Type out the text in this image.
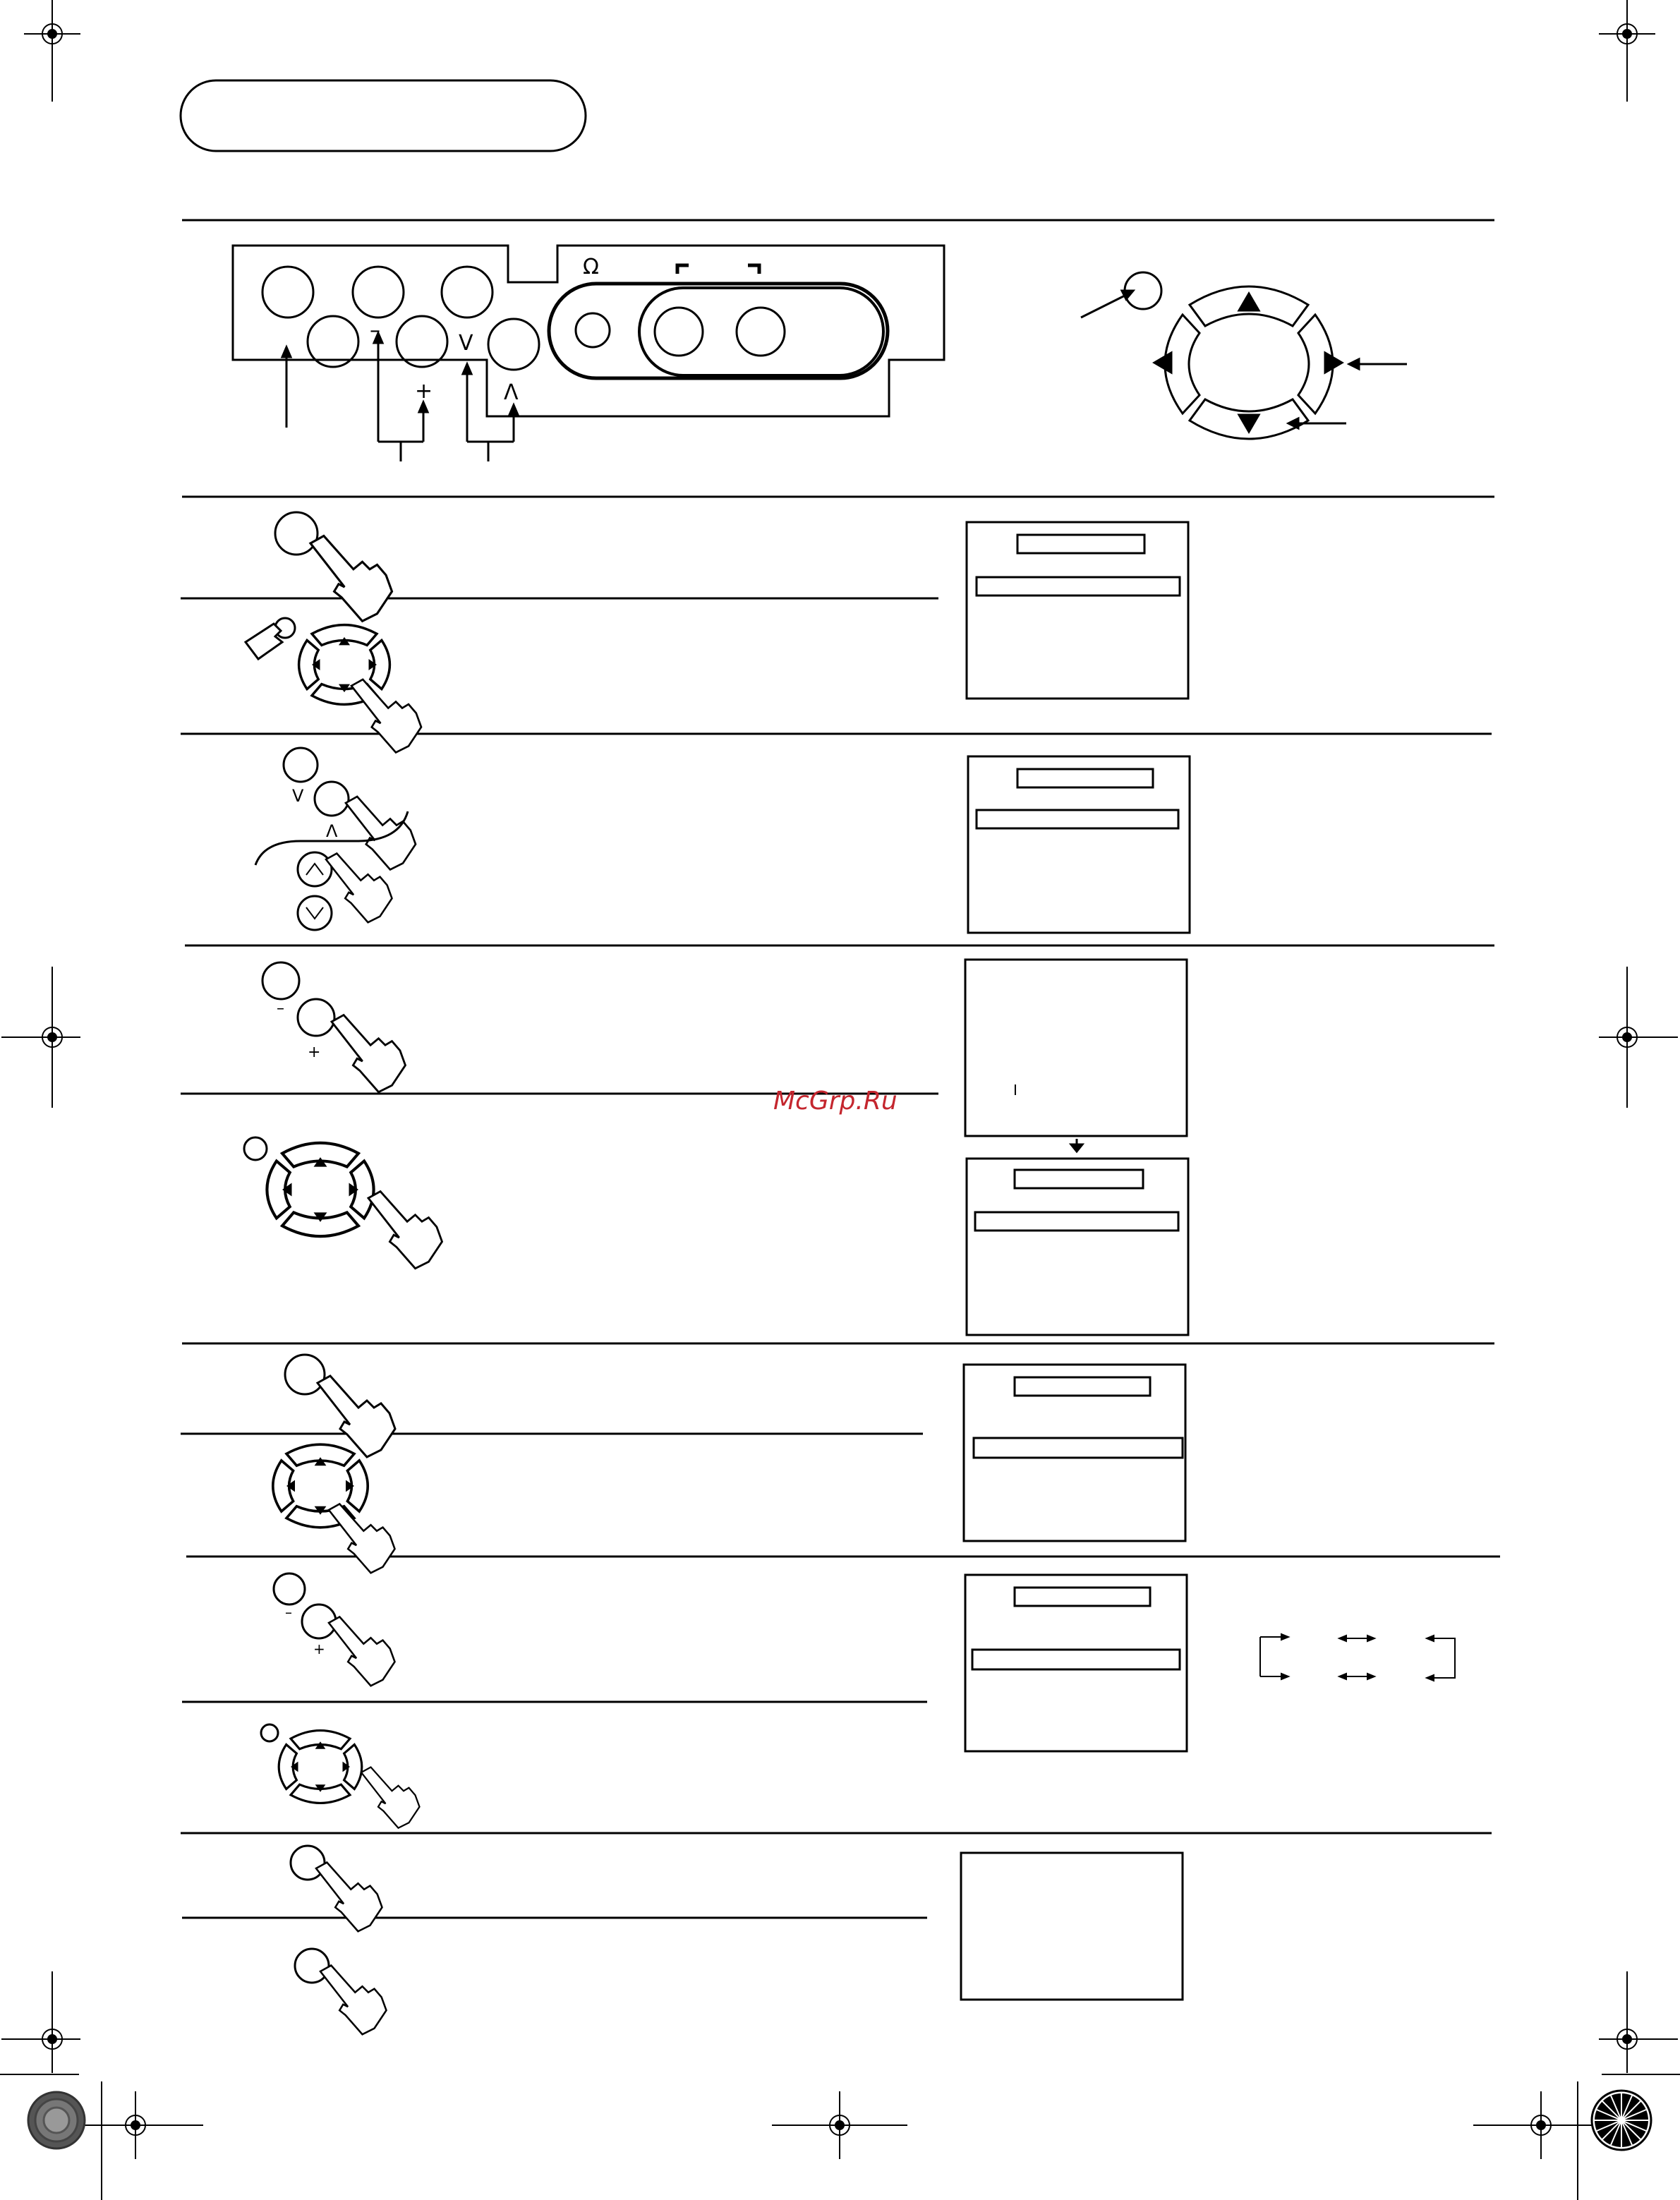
–
+
V
Λ
Ω
V
Λ
–
+
–
+
I
McGrp.Ru
